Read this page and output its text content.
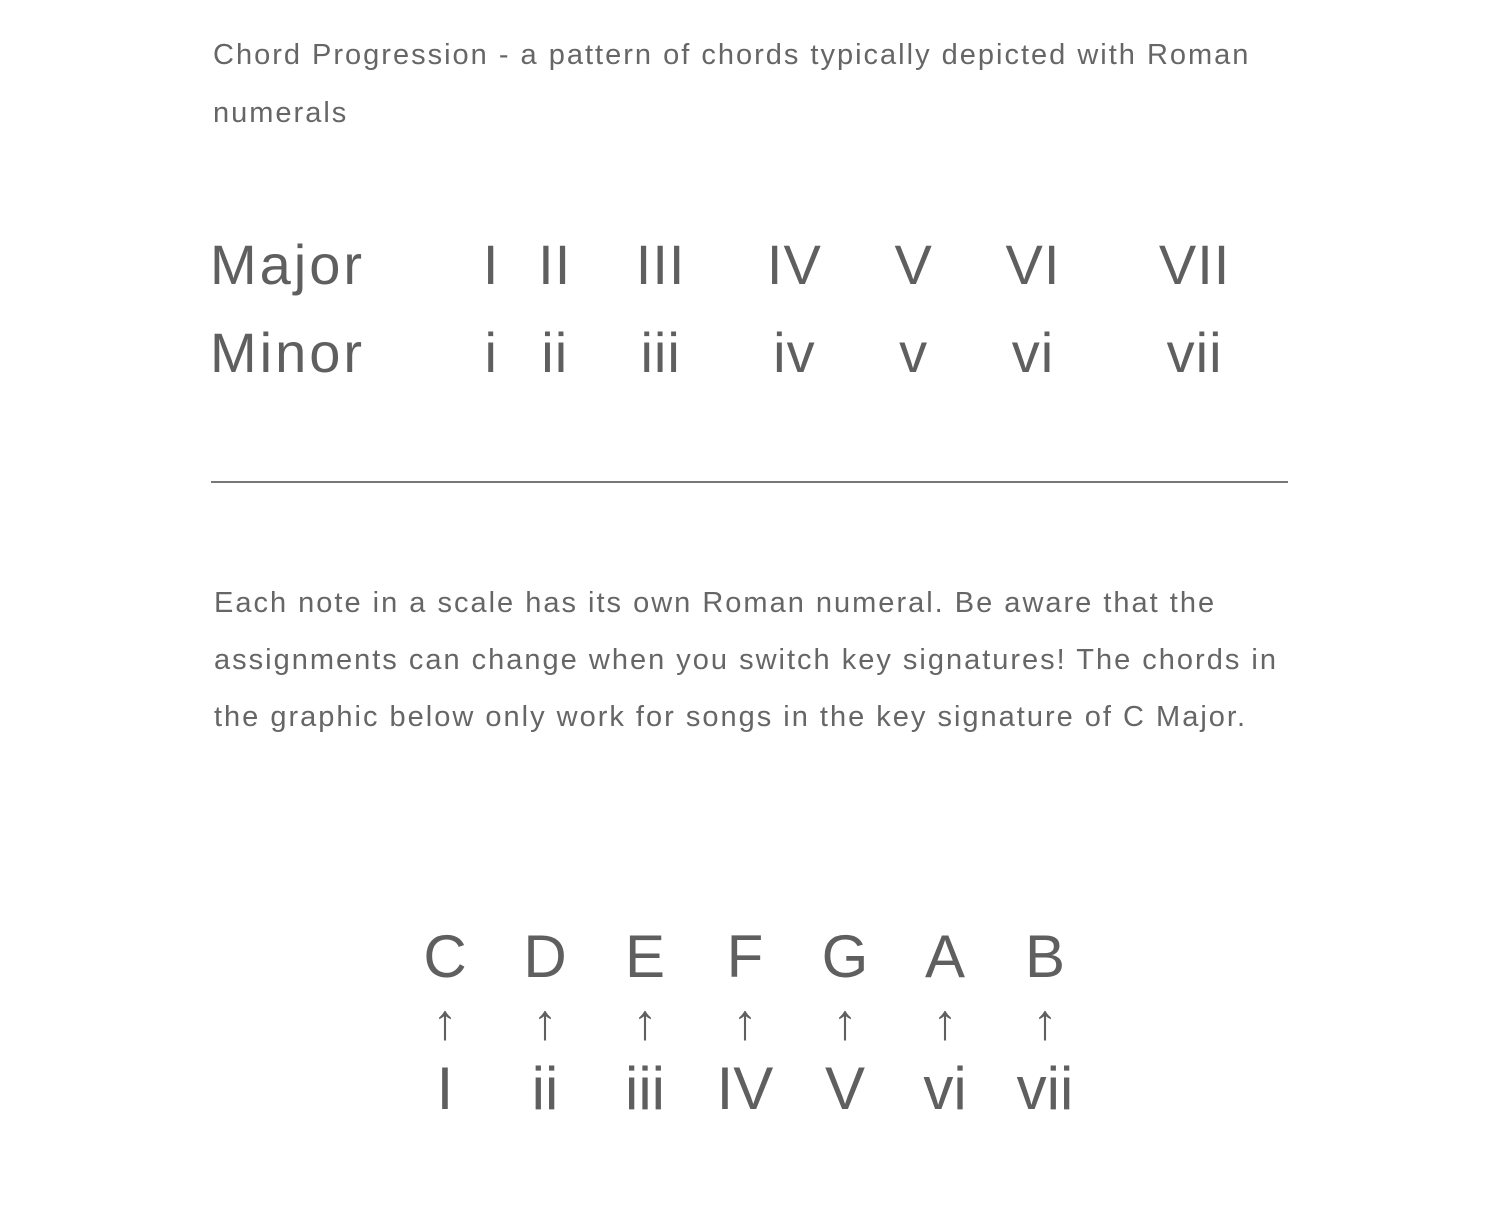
Chord Progression - a pattern of chords typically depicted with Roman numerals

Major	I	II	III	IV	V	VI	VII
Minor	i	ii	iii	iv	v	vi	vii

Each note in a scale has its own Roman numeral. Be aware that the assignments can change when you switch key signatures! The chords in the graphic below only work for songs in the key signature of C Major.

C	D	E	F	G	A	B
↑	↑	↑	↑	↑	↑	↑
I	ii	iii	IV	V	vi	vii
